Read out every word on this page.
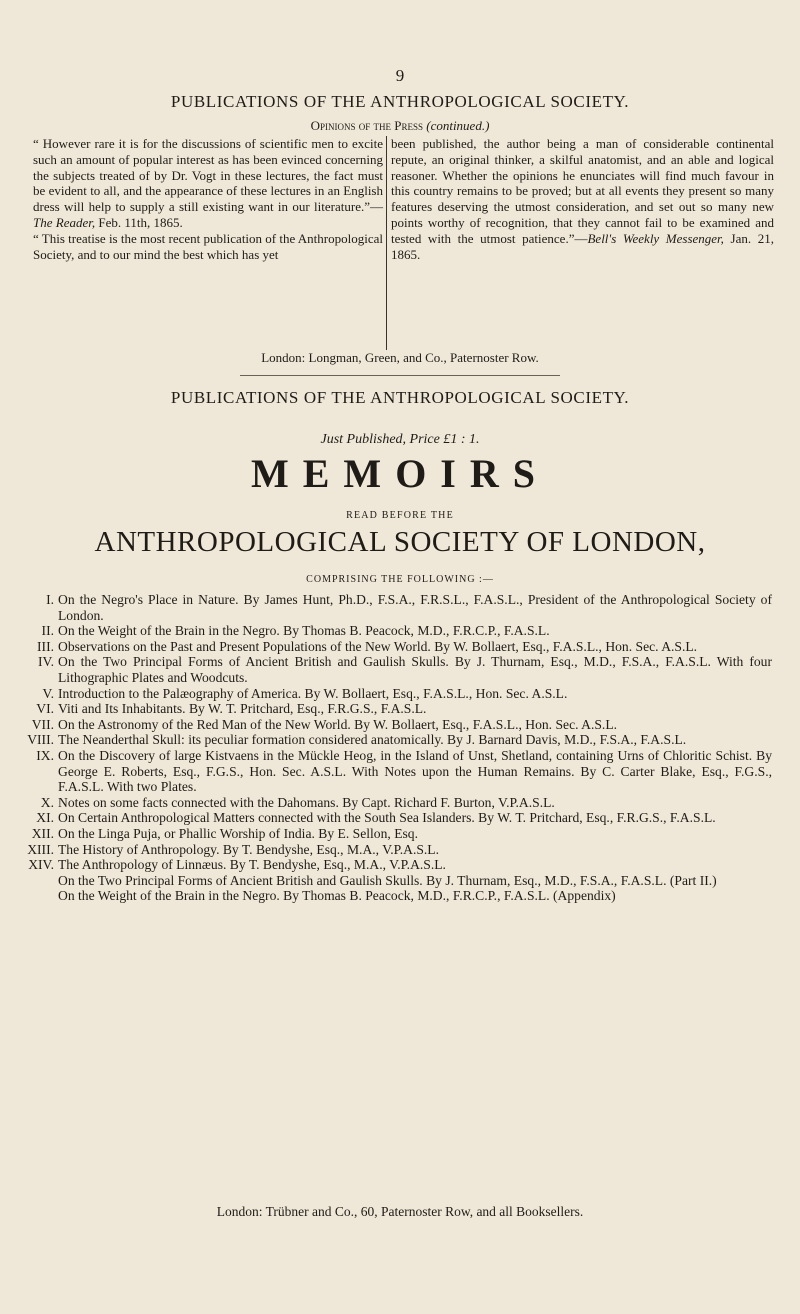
9
PUBLICATIONS OF THE ANTHROPOLOGICAL SOCIETY.
Opinions of the Press (continued.)

“ However rare it is for the discussions of scientific men to excite such an amount of popular interest as has been evinced concerning the subjects treated of by Dr. Vogt in these lectures, the fact must be evident to all, and the appearance of these lectures in an English dress will help to supply a still existing want in our literature.”—The Reader, Feb. 11th, 1865.

“ This treatise is the most recent publication of the Anthropological Society, and to our mind the best which has yet

been published, the author being a man of considerable continental repute, an original thinker, a skilful anatomist, and an able and logical reasoner. Whether the opinions he enunciates will find much favour in this country remains to be proved; but at all events they present so many features deserving the utmost consideration, and set out so many new points worthy of recognition, that they cannot fail to be examined and tested with the utmost patience.”—Bell's Weekly Messenger, Jan. 21, 1865.

London: Longman, Green, and Co., Paternoster Row.
PUBLICATIONS OF THE ANTHROPOLOGICAL SOCIETY.
Just Published, Price £1 : 1.
MEMOIRS
READ BEFORE THE
ANTHROPOLOGICAL SOCIETY OF LONDON,
COMPRISING THE FOLLOWING :—
I. On the Negro's Place in Nature. By James Hunt, Ph.D., F.S.A., F.R.S.L., F.A.S.L., President of the Anthropological Society of London.
II. On the Weight of the Brain in the Negro. By Thomas B. Peacock, M.D., F.R.C.P., F.A.S.L.
III. Observations on the Past and Present Populations of the New World. By W. Bollaert, Esq., F.A.S.L., Hon. Sec. A.S.L.
IV. On the Two Principal Forms of Ancient British and Gaulish Skulls. By J. Thurnam, Esq., M.D., F.S.A., F.A.S.L. With four Lithographic Plates and Woodcuts.
V. Introduction to the Palæography of America. By W. Bollaert, Esq., F.A.S.L., Hon. Sec. A.S.L.
VI. Viti and Its Inhabitants. By W. T. Pritchard, Esq., F.R.G.S., F.A.S.L.
VII. On the Astronomy of the Red Man of the New World. By W. Bollaert, Esq., F.A.S.L., Hon. Sec. A.S.L.
VIII. The Neanderthal Skull: its peculiar formation considered anatomically. By J. Barnard Davis, M.D., F.S.A., F.A.S.L.
IX. On the Discovery of large Kistvaens in the Mückle Heog, in the Island of Unst, Shetland, containing Urns of Chloritic Schist. By George E. Roberts, Esq., F.G.S., Hon. Sec. A.S.L. With Notes upon the Human Remains. By C. Carter Blake, Esq., F.G.S., F.A.S.L. With two Plates.
X. Notes on some facts connected with the Dahomans. By Capt. Richard F. Burton, V.P.A.S.L.
XI. On Certain Anthropological Matters connected with the South Sea Islanders. By W. T. Pritchard, Esq., F.R.G.S., F.A.S.L.
XII. On the Linga Puja, or Phallic Worship of India. By E. Sellon, Esq.
XIII. The History of Anthropology. By T. Bendyshe, Esq., M.A., V.P.A.S.L.
XIV. The Anthropology of Linnæus. By T. Bendyshe, Esq., M.A., V.P.A.S.L.
On the Two Principal Forms of Ancient British and Gaulish Skulls. By J. Thurnam, Esq., M.D., F.S.A., F.A.S.L. (Part II.)
On the Weight of the Brain in the Negro. By Thomas B. Peacock, M.D., F.R.C.P., F.A.S.L. (Appendix)
London: Trübner and Co., 60, Paternoster Row, and all Booksellers.
